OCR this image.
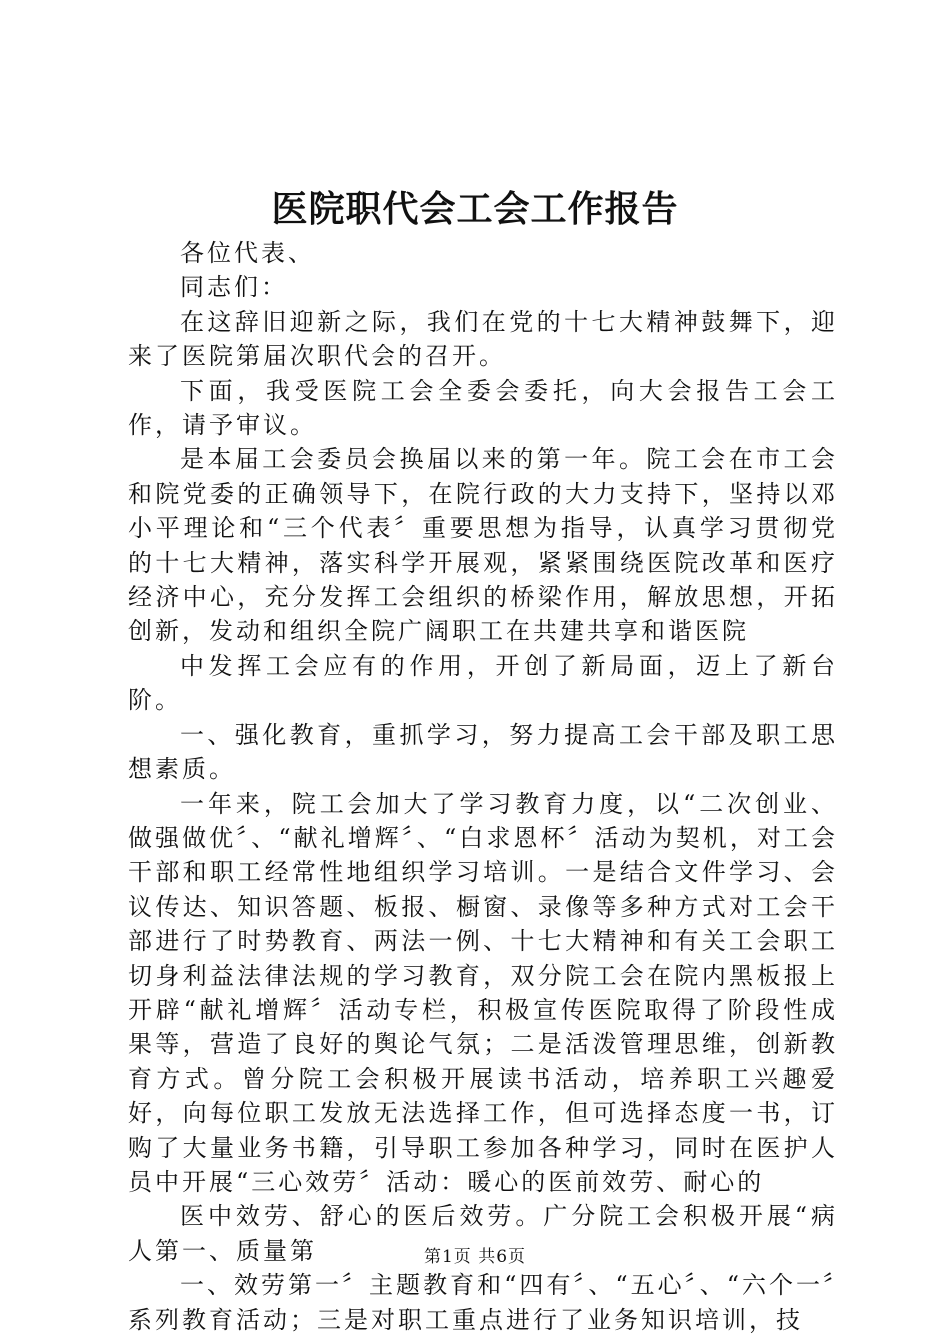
医院职代会工会工作报告

各位代表、

同志们：

在这辞旧迎新之际，我们在党的十七大精神鼓舞下，迎来了医院第届次职代会的召开。

下面，我受医院工会全委会委托，向大会报告工会工作，请予审议。

是本届工会委员会换届以来的第一年。院工会在市工会和院党委的正确领导下，在院行政的大力支持下，坚持以邓小平理论和“三个代表〞重要思想为指导，认真学习贯彻党的十七大精神，落实科学开展观，紧紧围绕医院改革和医疗经济中心，充分发挥工会组织的桥梁作用，解放思想，开拓创新，发动和组织全院广阔职工在共建共享和谐医院

中发挥工会应有的作用，开创了新局面，迈上了新台阶。

一、强化教育，重抓学习，努力提高工会干部及职工思想素质。

一年来，院工会加大了学习教育力度，以“二次创业、做强做优〞、“献礼增辉〞、“白求恩杯〞活动为契机，对工会干部和职工经常性地组织学习培训。一是结合文件学习、会议传达、知识答题、板报、橱窗、录像等多种方式对工会干部进行了时势教育、两法一例、十七大精神和有关工会职工切身利益法律法规的学习教育，双分院工会在院内黑板报上开辟“献礼增辉〞活动专栏，积极宣传医院取得了阶段性成果等，营造了良好的舆论气氛；二是活泼管理思维，创新教育方式。曾分院工会积极开展读书活动，培养职工兴趣爱好，向每位职工发放无法选择工作，但可选择态度一书，订购了大量业务书籍，引导职工参加各种学习，同时在医护人员中开展“三心效劳〞活动：暖心的医前效劳、耐心的

医中效劳、舒心的医后效劳。广分院工会积极开展“病人第一、质量第

一、效劳第一〞主题教育和“四有〞、“五心〞、“六个一〞系列教育活动；三是对职工重点进行了业务知识培训，技

第1页 共6页
